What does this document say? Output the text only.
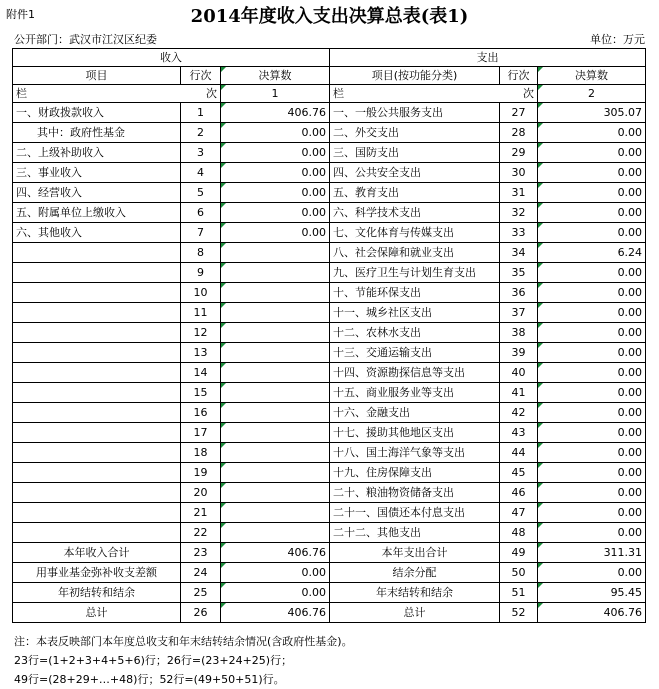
附件1	2014年度收入支出决算总表(表1)
公开部门：武汉市江汉区纪委	单位：万元
收入			支出		
项目	行次	决算数	项目(按功能分类)	行次	决算数

栏 次		1	栏 次		2
一、财政拨款收入	1	406.76	一、一般公共服务支出	27	305.07
其中：政府性基金	2	0.00	二、外交支出	28	0.00
二、上级补助收入	3	0.00	三、国防支出	29	0.00
三、事业收入	4	0.00	四、公共安全支出	30	0.00
四、经营收入	5	0.00	五、教育支出	31	0.00
五、附属单位上缴收入	6	0.00	六、科学技术支出	32	0.00
六、其他收入	7	0.00	七、文化体育与传媒支出	33	0.00
	8		八、社会保障和就业支出	34	6.24
	9		九、医疗卫生与计划生育支出	35	0.00
	10		十、节能环保支出	36	0.00
	11		十一、城乡社区支出	37	0.00
	12		十二、农林水支出	38	0.00
	13		十三、交通运输支出	39	0.00
	14		十四、资源勘探信息等支出	40	0.00
	15		十五、商业服务业等支出	41	0.00
	16		十六、金融支出	42	0.00
	17		十七、援助其他地区支出	43	0.00
	18		十八、国土海洋气象等支出	44	0.00
	19		十九、住房保障支出	45	0.00
	20		二十、粮油物资储备支出	46	0.00
	21		二十一、国债还本付息支出	47	0.00
	22		二十二、其他支出	48	0.00
本年收入合计	23	406.76	本年支出合计	49	311.31
用事业基金弥补收支差额	24	0.00	结余分配	50	0.00
年初结转和结余	25	0.00	年末结转和结余	51	95.45
总计	26	406.76	总计	52	406.76
注：本表反映部门本年度总收支和年末结转结余情况(含政府性基金)。
23行=(1+2+3+4+5+6)行；26行=(23+24+25)行；
49行=(28+29+…+48)行；52行=(49+50+51)行。
